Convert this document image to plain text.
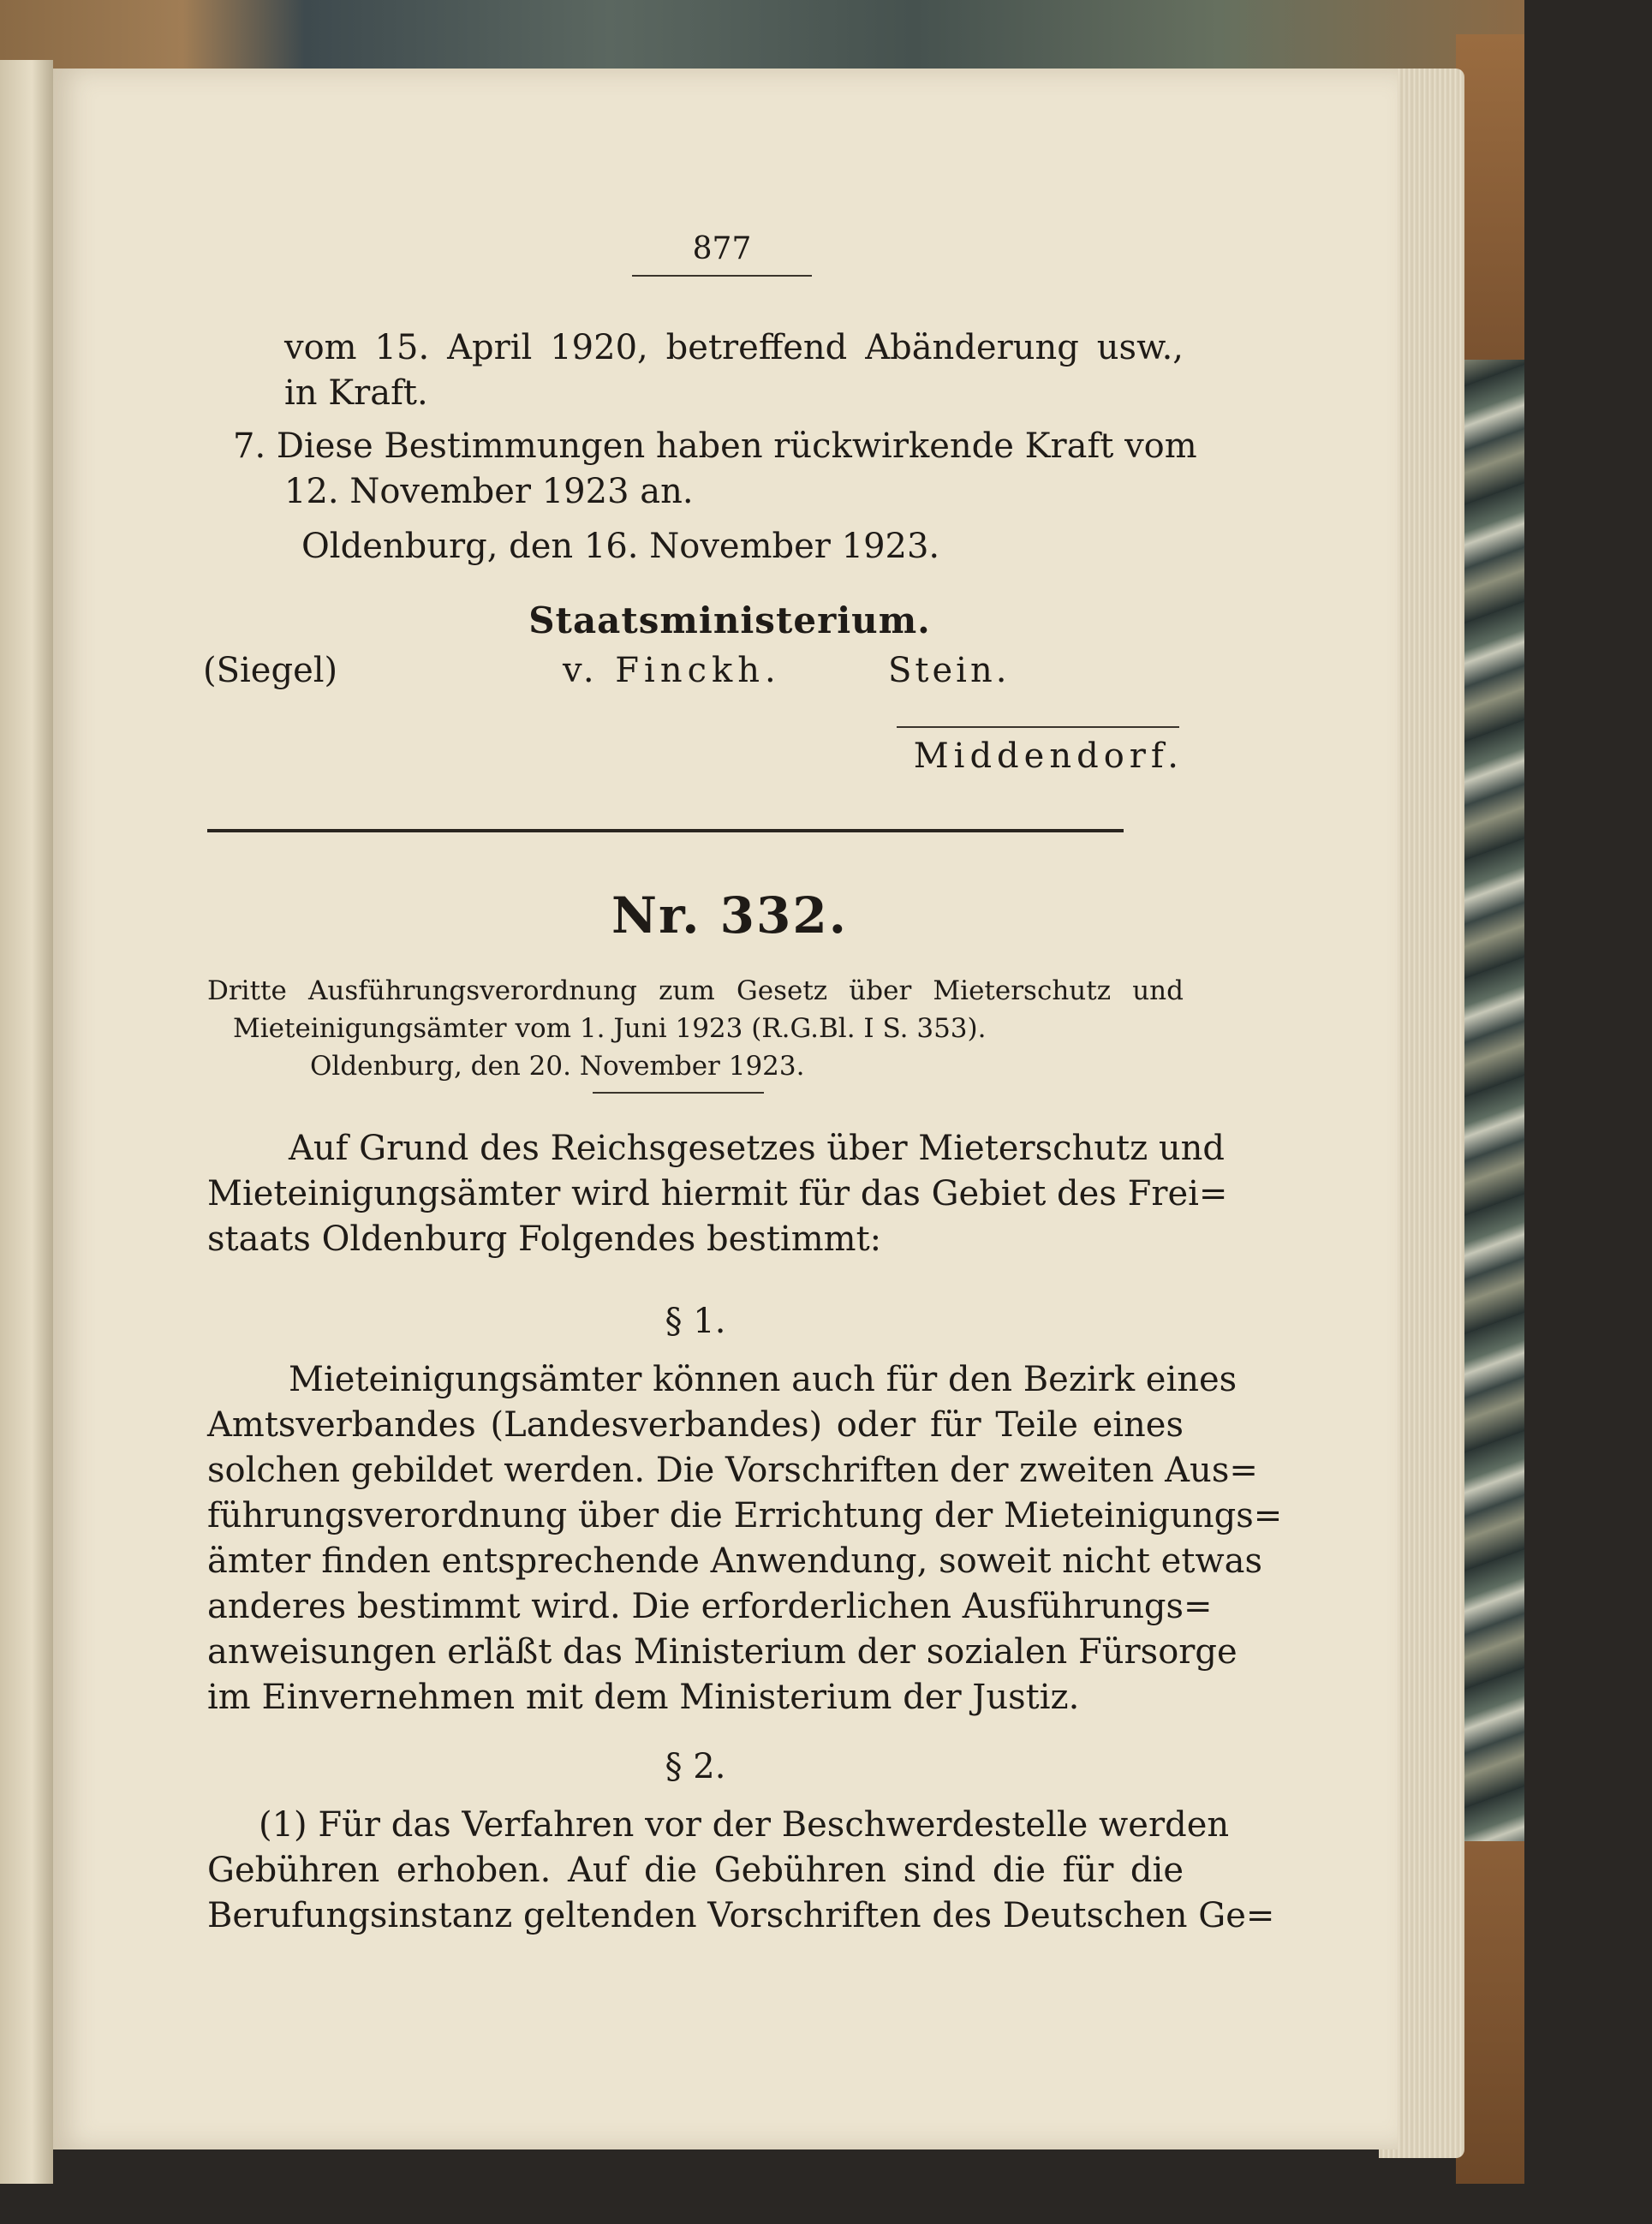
877
vom 15. April 1920, betreffend Abänderung usw.,
in Kraft.
7. Diese Bestimmungen haben rückwirkende Kraft vom
12. November 1923 an.
Oldenburg, den 16. November 1923.
Staatsministerium.
(Siegel)	v. Finckh.	Stein.
Middendorf.
Nr. 332.
Dritte Ausführungsverordnung zum Gesetz über Mieterschutz und
Mieteinigungsämter vom 1. Juni 1923 (R.G.Bl. I S. 353).
Oldenburg, den 20. November 1923.
Auf Grund des Reichsgesetzes über Mieterschutz und
Mieteinigungsämter wird hiermit für das Gebiet des Frei=
staats Oldenburg Folgendes bestimmt:
§ 1.
Mieteinigungsämter können auch für den Bezirk eines
Amtsverbandes (Landesverbandes) oder für Teile eines
solchen gebildet werden. Die Vorschriften der zweiten Aus=
führungsverordnung über die Errichtung der Mieteinigungs=
ämter finden entsprechende Anwendung, soweit nicht etwas
anderes bestimmt wird. Die erforderlichen Ausführungs=
anweisungen erläßt das Ministerium der sozialen Fürsorge
im Einvernehmen mit dem Ministerium der Justiz.
§ 2.
(1) Für das Verfahren vor der Beschwerdestelle werden
Gebühren erhoben. Auf die Gebühren sind die für die
Berufungsinstanz geltenden Vorschriften des Deutschen Ge=
